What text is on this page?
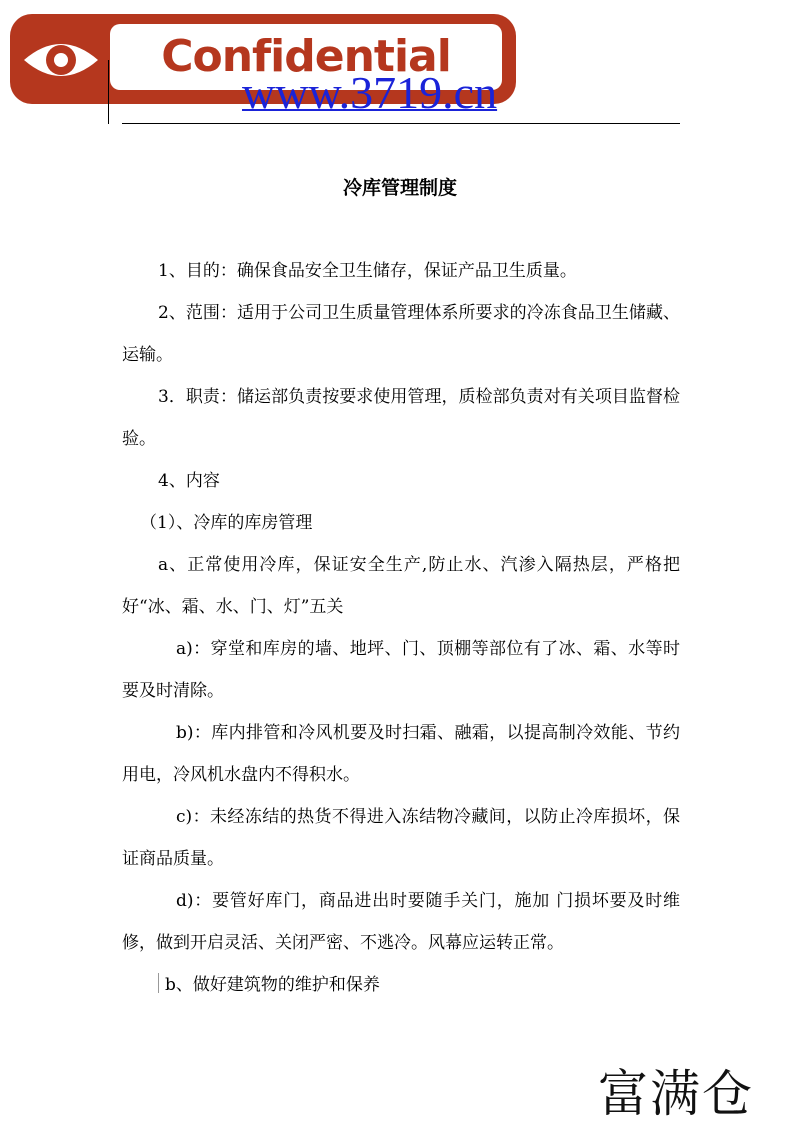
Confidential
www.3719.cn
冷库管理制度

1、目的：确保食品安全卫生储存，保证产品卫生质量。

2、范围：适用于公司卫生质量管理体系所要求的冷冻食品卫生储藏、运输。

3．职责：储运部负责按要求使用管理，质检部负责对有关项目监督检验。

4、内容

（1）、冷库的库房管理

a、正常使用冷库，保证安全生产,防止水、汽渗入隔热层，严格把好“冰、霜、水、门、灯”五关

a)：穿堂和库房的墙、地坪、门、顶棚等部位有了冰、霜、水等时要及时清除。

b)：库内排管和冷风机要及时扫霜、融霜，以提高制冷效能、节约用电，冷风机水盘内不得积水。

c)：未经冻结的热货不得进入冻结物冷藏间，以防止冷库损坏，保证商品质量。

d)：要管好库门，商品进出时要随手关门，施加 门损坏要及时维修，做到开启灵活、关闭严密、不逃冷。风幕应运转正常。

b、做好建筑物的维护和保养

富满仓
